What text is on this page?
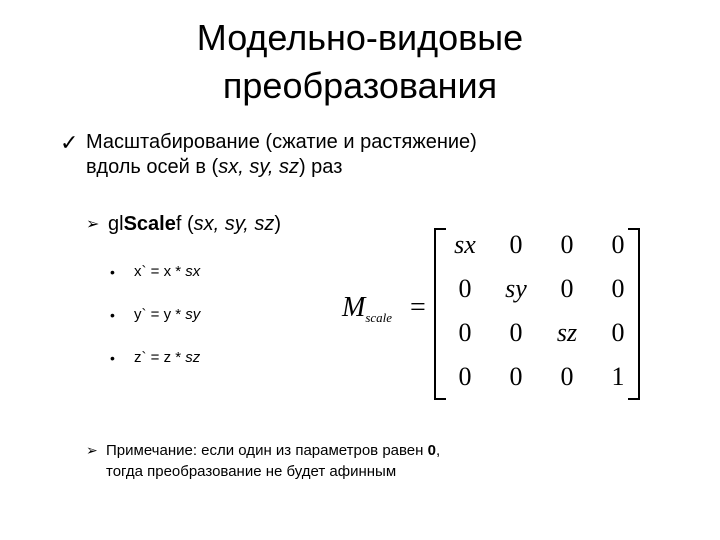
Модельно-видовые
преобразования
✓ Масштабирование (сжатие и растяжение)
вдоль осей в (sx, sy, sz) раз
➢ glScalef (sx, sy, sz)
•	x` = x * sx
•	y` = y * sy
•	z` = z * sz
$M_{scale}$ =
sx	0	0	0
0	sy	0	0
0	0	sz	0
0	0	0	1
➢ Примечание: если один из параметров равен 0,
тогда преобразование не будет афинным
